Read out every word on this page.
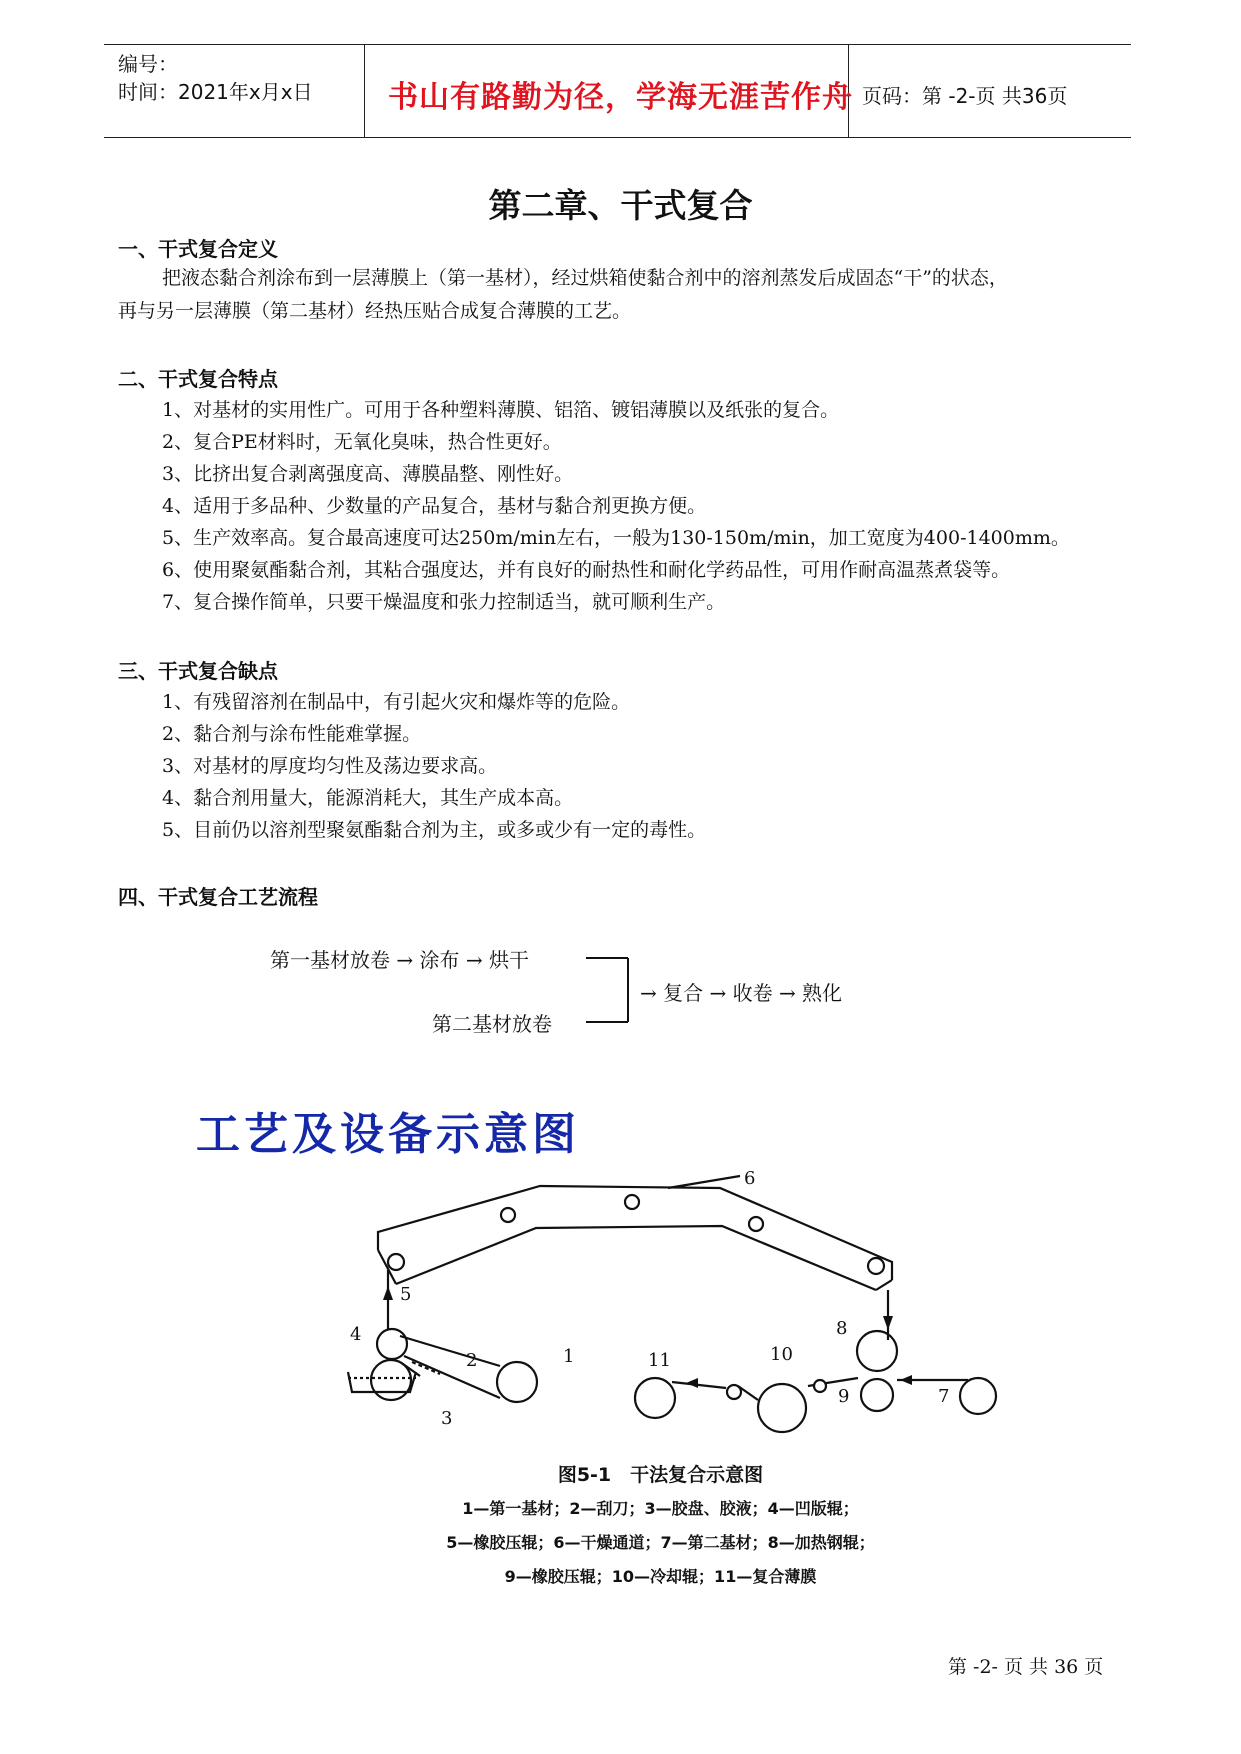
编号：
时间：2021年x月x日	书山有路勤为径，学海无涯苦作舟 页码：第 -2-页 共36页
第二章、干式复合
一、干式复合定义
把液态黏合剂涂布到一层薄膜上（第一基材），经过烘箱使黏合剂中的溶剂蒸发后成固态“干”的状态，
再与另一层薄膜（第二基材）经热压贴合成复合薄膜的工艺。
二、干式复合特点
1、对基材的实用性广。可用于各种塑料薄膜、铝箔、镀铝薄膜以及纸张的复合。
2、复合PE材料时，无氧化臭味，热合性更好。
3、比挤出复合剥离强度高、薄膜晶整、刚性好。
4、适用于多品种、少数量的产品复合，基材与黏合剂更换方便。
5、生产效率高。复合最高速度可达250m/min左右，一般为130-150m/min，加工宽度为400-1400mm。
6、使用聚氨酯黏合剂，其粘合强度达，并有良好的耐热性和耐化学药品性，可用作耐高温蒸煮袋等。
7、复合操作简单，只要干燥温度和张力控制适当，就可顺利生产。
三、干式复合缺点
1、有残留溶剂在制品中，有引起火灾和爆炸等的危险。
2、黏合剂与涂布性能难掌握。
3、对基材的厚度均匀性及荡边要求高。
4、黏合剂用量大，能源消耗大，其生产成本高。
5、目前仍以溶剂型聚氨酯黏合剂为主，或多或少有一定的毒性。
四、干式复合工艺流程
第一基材放卷 → 涂布 → 烘干
第二基材放卷
→ 复合 → 收卷 → 熟化
工艺及设备示意图
1
2
3
4
5
6
7
8
9
10
11
图5-1　干法复合示意图
1—第一基材；2—刮刀；3—胶盘、胶液；4—凹版辊；
5—橡胶压辊；6—干燥通道；7—第二基材；8—加热钢辊；
9—橡胶压辊；10—冷却辊；11—复合薄膜
第 -2- 页 共 36 页
